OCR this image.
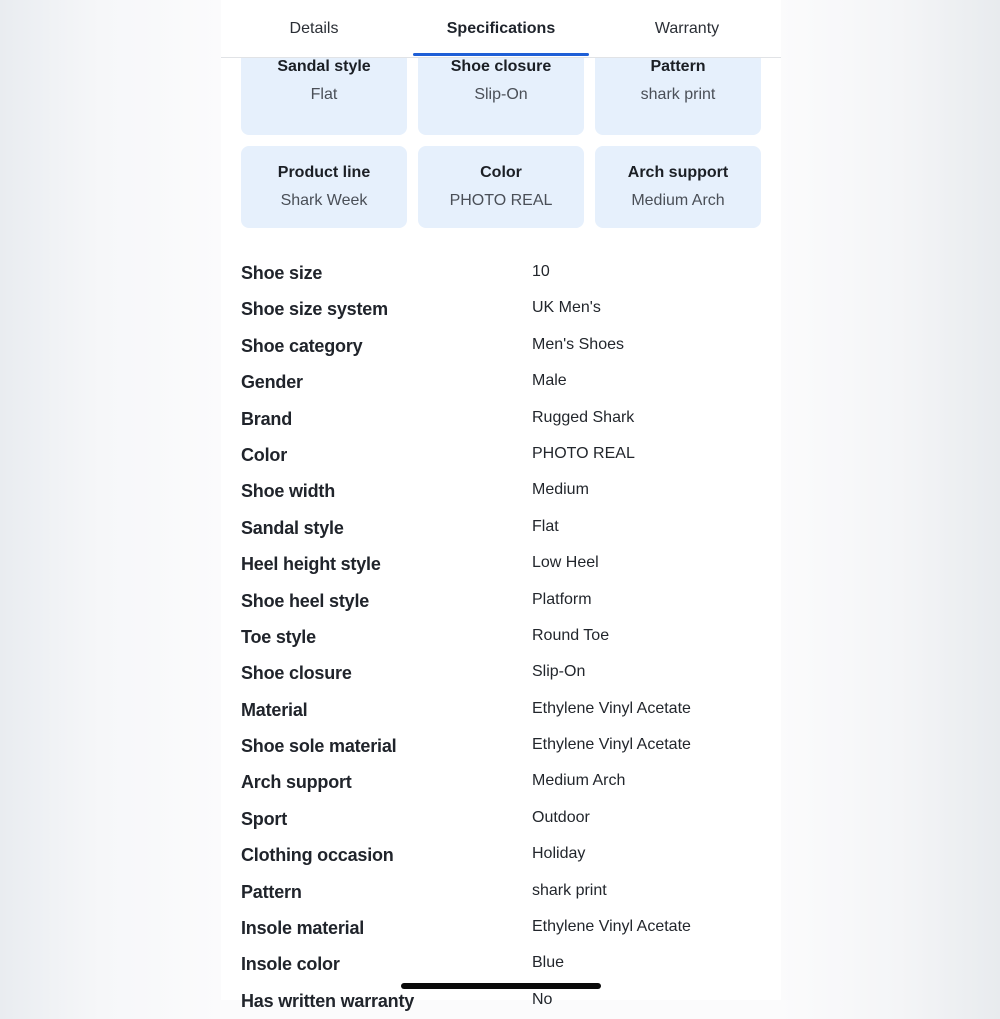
Details	Specifications	Warranty
Sandal style
Flat
Shoe closure
Slip-On
Pattern
shark print
Product line
Shark Week
Color
PHOTO REAL
Arch support
Medium Arch
Shoe size	10
Shoe size system	UK Men's
Shoe category	Men's Shoes
Gender	Male
Brand	Rugged Shark
Color	PHOTO REAL
Shoe width	Medium
Sandal style	Flat
Heel height style	Low Heel
Shoe heel style	Platform
Toe style	Round Toe
Shoe closure	Slip-On
Material	Ethylene Vinyl Acetate
Shoe sole material	Ethylene Vinyl Acetate
Arch support	Medium Arch
Sport	Outdoor
Clothing occasion	Holiday
Pattern	shark print
Insole material	Ethylene Vinyl Acetate
Insole color	Blue
Has written warranty	No
